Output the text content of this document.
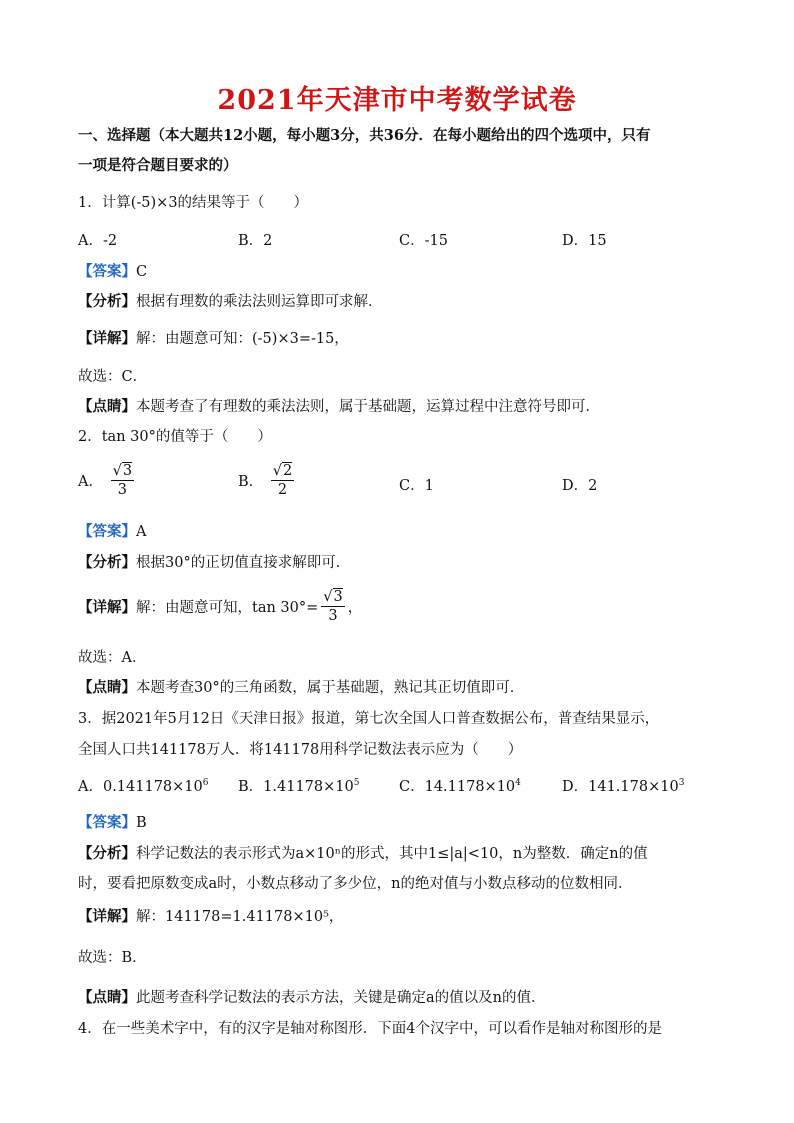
2021年天津市中考数学试卷
一、选择题（本大题共12小题，每小题3分，共36分．在每小题给出的四个选项中，只有
一项是符合题目要求的）
1．计算(-5)×3的结果等于（　　）
A．-2	B．2	C．-15	D．15
【答案】C
【分析】根据有理数的乘法法则运算即可求解．
【详解】解：由题意可知：(-5)×3=-15，
故选：C．
【点睛】本题考查了有理数的乘法法则，属于基础题，运算过程中注意符号即可．
2．tan 30°的值等于（　　）
A． √ $\frac{3}{3}$	B． √ $\frac{2}{2}$	C．1	D．2
【答案】A
【分析】根据30°的正切值直接求解即可．
【详解】解：由题意可知，tan 30°= √ $\frac{3}{3}$ ，
故选：A．
【点睛】本题考查30°的三角函数，属于基础题，熟记其正切值即可．
3．据2021年5月12日《天津日报》报道，第七次全国人口普查数据公布，普查结果显示，
全国人口共141178万人．将141178用科学记数法表示应为（　　）
A．$0.141178\times 10^6$ B．$1.41178\times 10^5$	C．$14.1178\times 10^4$	D．$141.178\times 10^3$
【答案】B
【分析】科学记数法的表示形式为a×10ⁿ的形式，其中1≤|a|<10，n为整数．确定n的值
时，要看把原数变成a时，小数点移动了多少位，n的绝对值与小数点移动的位数相同．
【详解】解：141178=1.41178×10⁵，
故选：B．
【点睛】此题考查科学记数法的表示方法，关键是确定a的值以及n的值．
4．在一些美术字中，有的汉字是轴对称图形．下面4个汉字中，可以看作是轴对称图形的是
